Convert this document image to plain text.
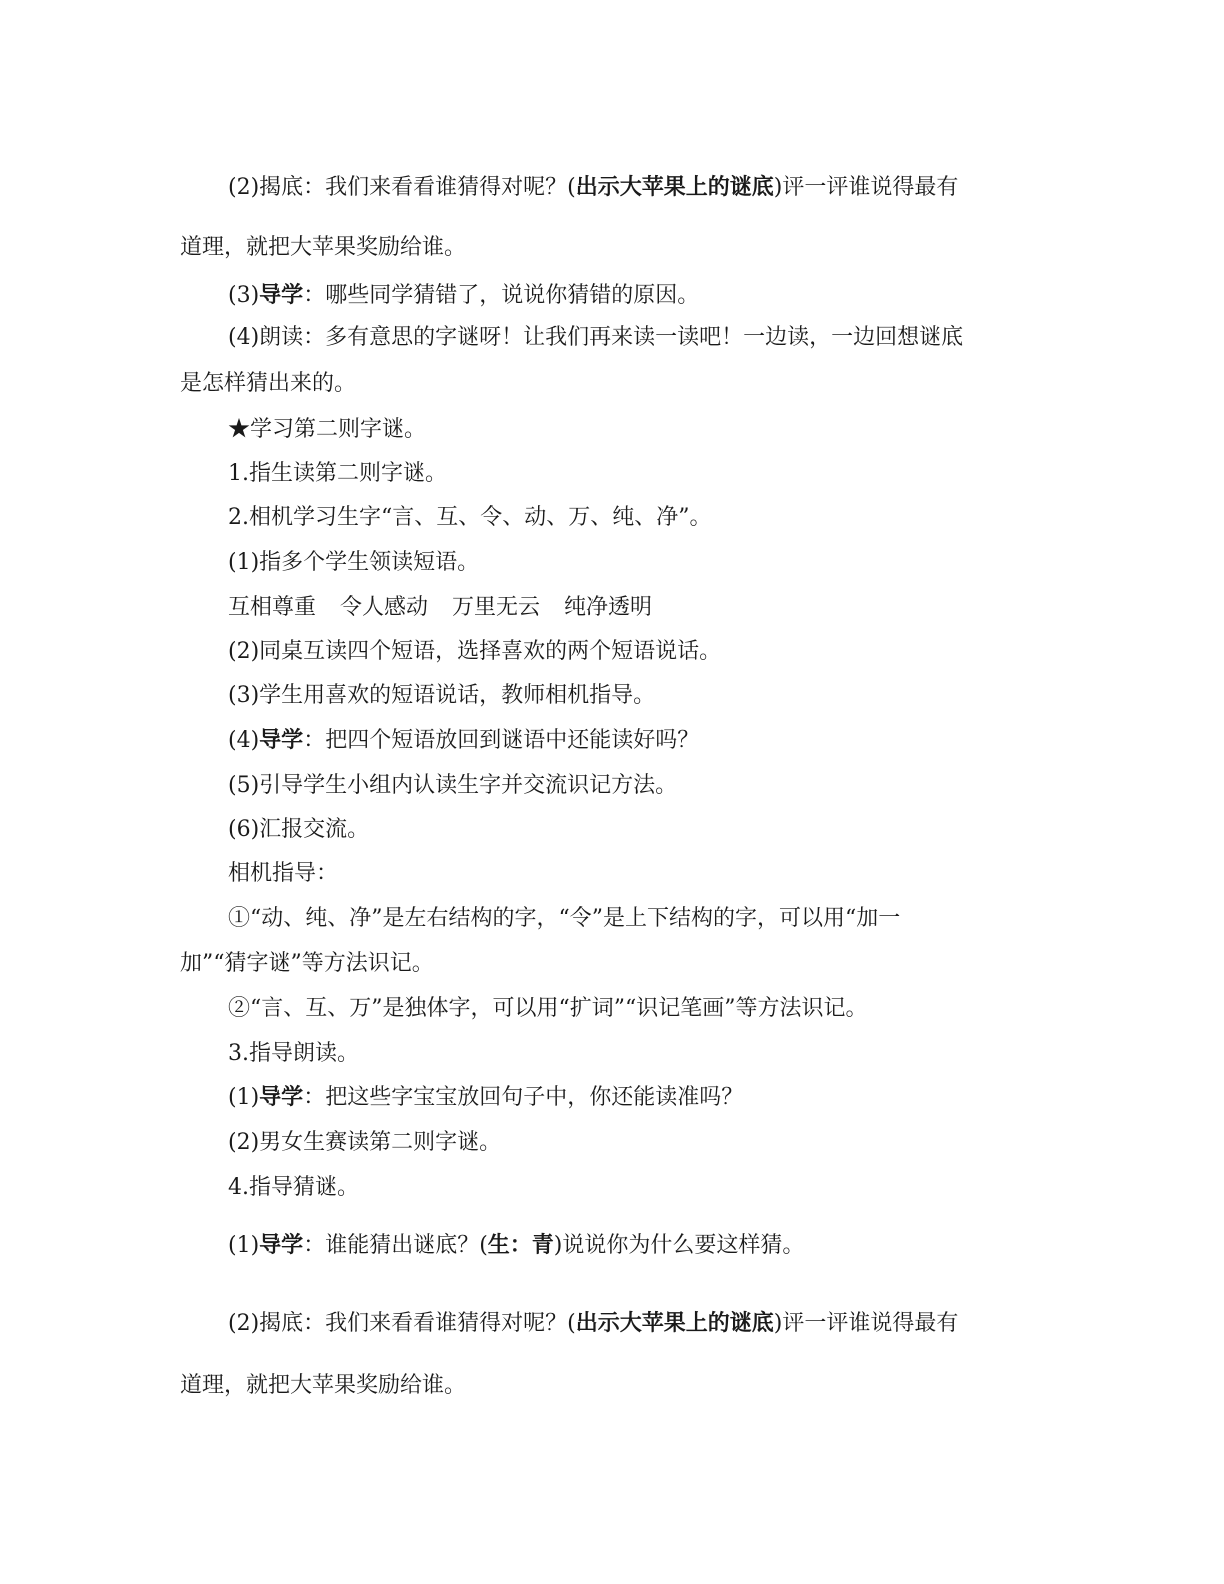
(2)揭底：我们来看看谁猜得对呢？(出示大苹果上的谜底)评一评谁说得最有
道理，就把大苹果奖励给谁。
(3)导学：哪些同学猜错了，说说你猜错的原因。
(4)朗读：多有意思的字谜呀！让我们再来读一读吧！一边读，一边回想谜底
是怎样猜出来的。
★学习第二则字谜。
1.指生读第二则字谜。
2.相机学习生字“言、互、令、动、万、纯、净”。
(1)指多个学生领读短语。
互相尊重 令人感动 万里无云 纯净透明
(2)同桌互读四个短语，选择喜欢的两个短语说话。
(3)学生用喜欢的短语说话，教师相机指导。
(4)导学：把四个短语放回到谜语中还能读好吗？
(5)引导学生小组内认读生字并交流识记方法。
(6)汇报交流。
相机指导：
①“动、纯、净”是左右结构的字，“令”是上下结构的字，可以用“加一
加”“猜字谜”等方法识记。
②“言、互、万”是独体字，可以用“扩词”“识记笔画”等方法识记。
3.指导朗读。
(1)导学：把这些字宝宝放回句子中，你还能读准吗？
(2)男女生赛读第二则字谜。
4.指导猜谜。
(1)导学：谁能猜出谜底？(生：青)说说你为什么要这样猜。
(2)揭底：我们来看看谁猜得对呢？(出示大苹果上的谜底)评一评谁说得最有
道理，就把大苹果奖励给谁。
